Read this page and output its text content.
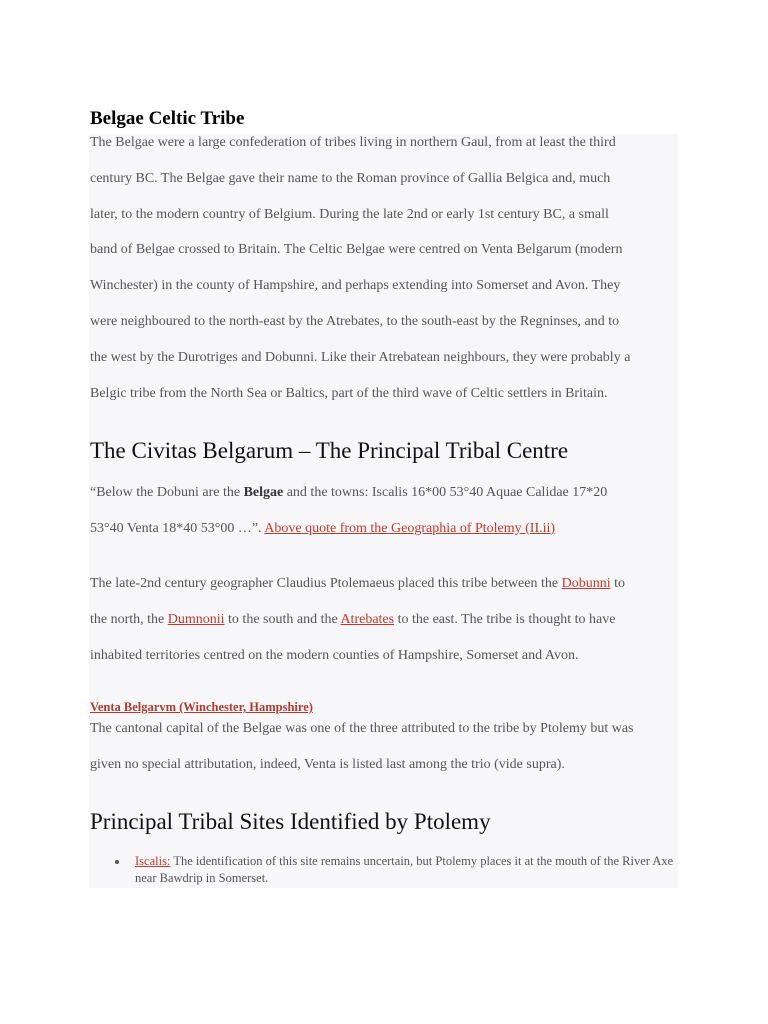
Belgae Celtic Tribe

The Belgae were a large confederation of tribes living in northern Gaul, from at least the third
century BC. The Belgae gave their name to the Roman province of Gallia Belgica and, much
later, to the modern country of Belgium. During the late 2nd or early 1st century BC, a small
band of Belgae crossed to Britain. The Celtic Belgae were centred on Venta Belgarum (modern
Winchester) in the county of Hampshire, and perhaps extending into Somerset and Avon. They
were neighboured to the north-east by the Atrebates, to the south-east by the Regninses, and to
the west by the Durotriges and Dobunni. Like their Atrebatean neighbours, they were probably a
Belgic tribe from the North Sea or Baltics, part of the third wave of Celtic settlers in Britain.

The Civitas Belgarum – The Principal Tribal Centre

“Below the Dobuni are the Belgae and the towns: Iscalis 16*00 53°40 Aquae Calidae 17*20
53°40 Venta 18*40 53°00 …”. Above quote from the Geographia of Ptolemy (II.ii)

The late-2nd century geographer Claudius Ptolemaeus placed this tribe between the Dobunni to
the north, the Dumnonii to the south and the Atrebates to the east. The tribe is thought to have
inhabited territories centred on the modern counties of Hampshire, Somerset and Avon.

Venta Belgarvm (Winchester, Hampshire)

The cantonal capital of the Belgae was one of the three attributed to the tribe by Ptolemy but was
given no special attributation, indeed, Venta is listed last among the trio (vide supra).

Principal Tribal Sites Identified by Ptolemy
Iscalis: The identification of this site remains uncertain, but Ptolemy places it at the mouth of the River Axe near Bawdrip in Somerset.
